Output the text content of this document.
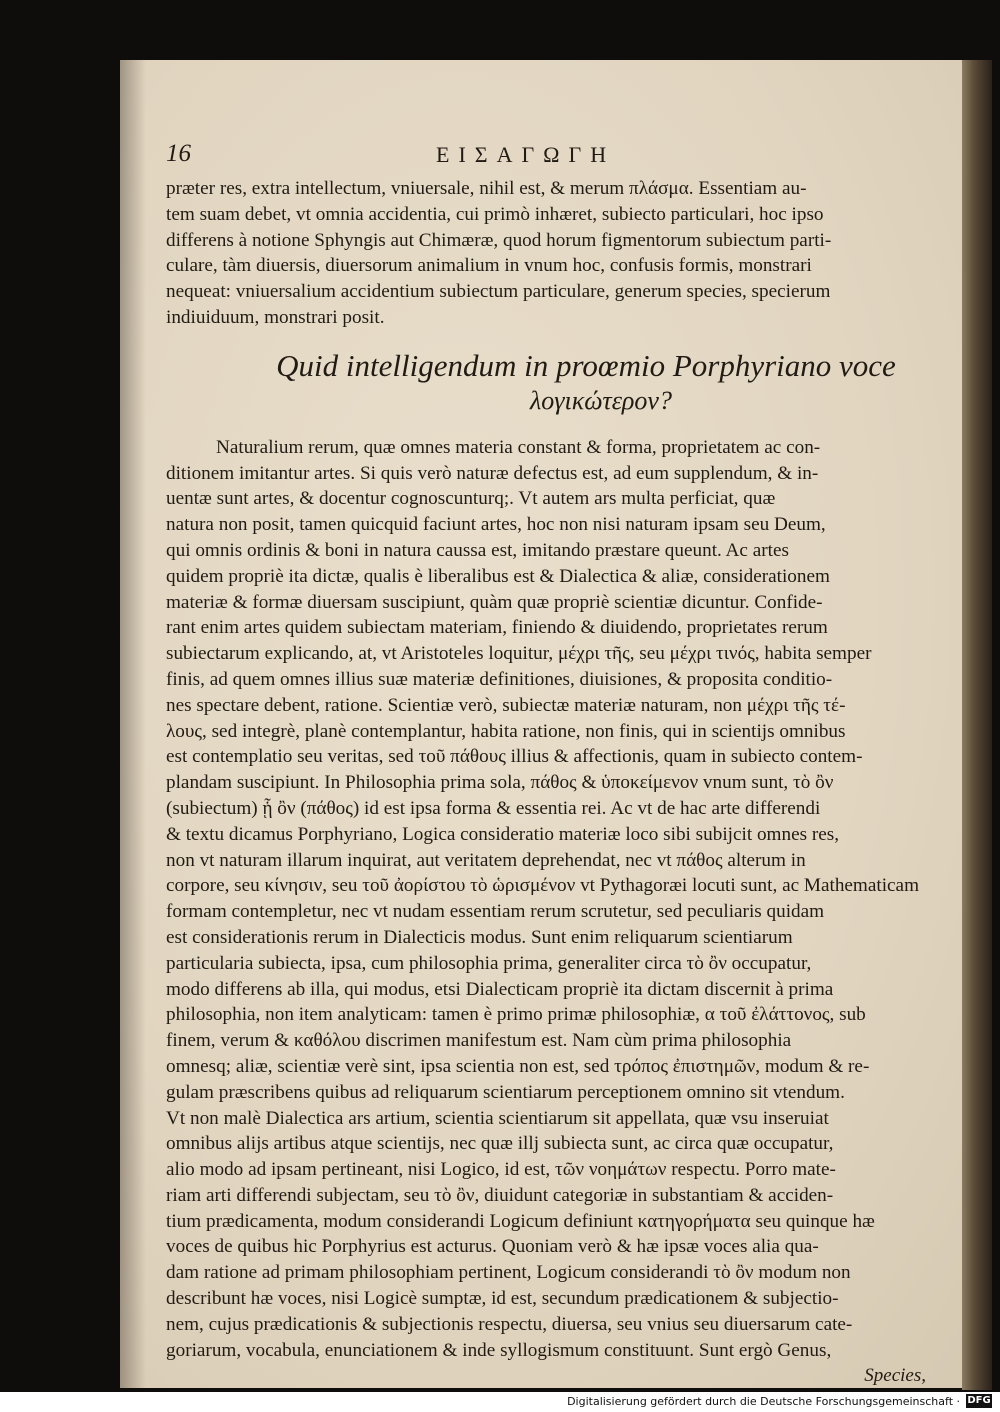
16	ΕΙΣΑΓΩΓΗ
præter res, extra intellectum, vniuersale, nihil est, & merum πλάσμα. Essentiam au-
tem suam debet, vt omnia accidentia, cui primò inhæret, subiecto particulari, hoc ipso
differens à notione Sphyngis aut Chimæræ, quod horum figmentorum subiectum parti-
culare, tàm diuersis, diuersorum animalium in vnum hoc, confusis formis, monstrari
nequeat: vniuersalium accidentium subiectum particulare, generum species, specierum
indiuiduum, monstrari posit.
Quid intelligendum in proœmio Porphyriano voce
λογικώτερον?
Naturalium rerum, quæ omnes materia constant & forma, proprietatem ac con-
ditionem imitantur artes. Si quis verò naturæ defectus est, ad eum supplendum, & in-
uentæ sunt artes, & docentur cognoscunturq;. Vt autem ars multa perficiat, quæ
natura non posit, tamen quicquid faciunt artes, hoc non nisi naturam ipsam seu Deum,
qui omnis ordinis & boni in natura caussa est, imitando præstare queunt. Ac artes
quidem propriè ita dictæ, qualis è liberalibus est & Dialectica & aliæ, considerationem
materiæ & formæ diuersam suscipiunt, quàm quæ propriè scientiæ dicuntur. Confide-
rant enim artes quidem subiectam materiam, finiendo & diuidendo, proprietates rerum
subiectarum explicando, at, vt Aristoteles loquitur, μέχρι τῆς, seu μέχρι τινός, habita semper
finis, ad quem omnes illius suæ materiæ definitiones, diuisiones, & proposita conditio-
nes spectare debent, ratione. Scientiæ verò, subiectæ materiæ naturam, non μέχρι τῆς τέ-
λους, sed integrè, planè contemplantur, habita ratione, non finis, qui in scientijs omnibus
est contemplatio seu veritas, sed τοῦ πάθους illius & affectionis, quam in subiecto contem-
plandam suscipiunt. In Philosophia prima sola, πάθος & ὑποκείμενον vnum sunt, τὸ ὂν
(subiectum) ᾗ ὂν (πάθος) id est ipsa forma & essentia rei. Ac vt de hac arte differendi
& textu dicamus Porphyriano, Logica consideratio materiæ loco sibi subijcit omnes res,
non vt naturam illarum inquirat, aut veritatem deprehendat, nec vt πάθος alterum in
corpore, seu κίνησιν, seu τοῦ ἀορίστου τὸ ὡρισμένον vt Pythagoræi locuti sunt, ac Mathematicam
formam contempletur, nec vt nudam essentiam rerum scrutetur, sed peculiaris quidam
est considerationis rerum in Dialecticis modus. Sunt enim reliquarum scientiarum
particularia subiecta, ipsa, cum philosophia prima, generaliter circa τὸ ὂν occupatur,
modo differens ab illa, qui modus, etsi Dialecticam propriè ita dictam discernit à prima
philosophia, non item analyticam: tamen è primo primæ philosophiæ, α τοῦ ἐλάττονος, sub
finem, verum & καθόλου discrimen manifestum est. Nam cùm prima philosophia
omnesq; aliæ, scientiæ verè sint, ipsa scientia non est, sed τρόπος ἐπιστημῶν, modum & re-
gulam præscribens quibus ad reliquarum scientiarum perceptionem omnino sit vtendum.
Vt non malè Dialectica ars artium, scientia scientiarum sit appellata, quæ vsu inseruiat
omnibus alijs artibus atque scientijs, nec quæ illj subiecta sunt, ac circa quæ occupatur,
alio modo ad ipsam pertineant, nisi Logico, id est, τῶν νοημάτων respectu. Porro mate-
riam arti differendi subjectam, seu τὸ ὂν, diuidunt categoriæ in substantiam & acciden-
tium prædicamenta, modum considerandi Logicum definiunt κατηγορήματα seu quinque hæ
voces de quibus hic Porphyrius est acturus. Quoniam verò & hæ ipsæ voces alia qua-
dam ratione ad primam philosophiam pertinent, Logicum considerandi τὸ ὂν modum non
describunt hæ voces, nisi Logicè sumptæ, id est, secundum prædicationem & subjectio-
nem, cujus prædicationis & subjectionis respectu, diuersa, seu vnius seu diuersarum cate-
goriarum, vocabula, enunciationem & inde syllogismum constituunt. Sunt ergò Genus,
Species,
Digitalisierung gefördert durch die Deutsche Forschungsgemeinschaft · DFG
